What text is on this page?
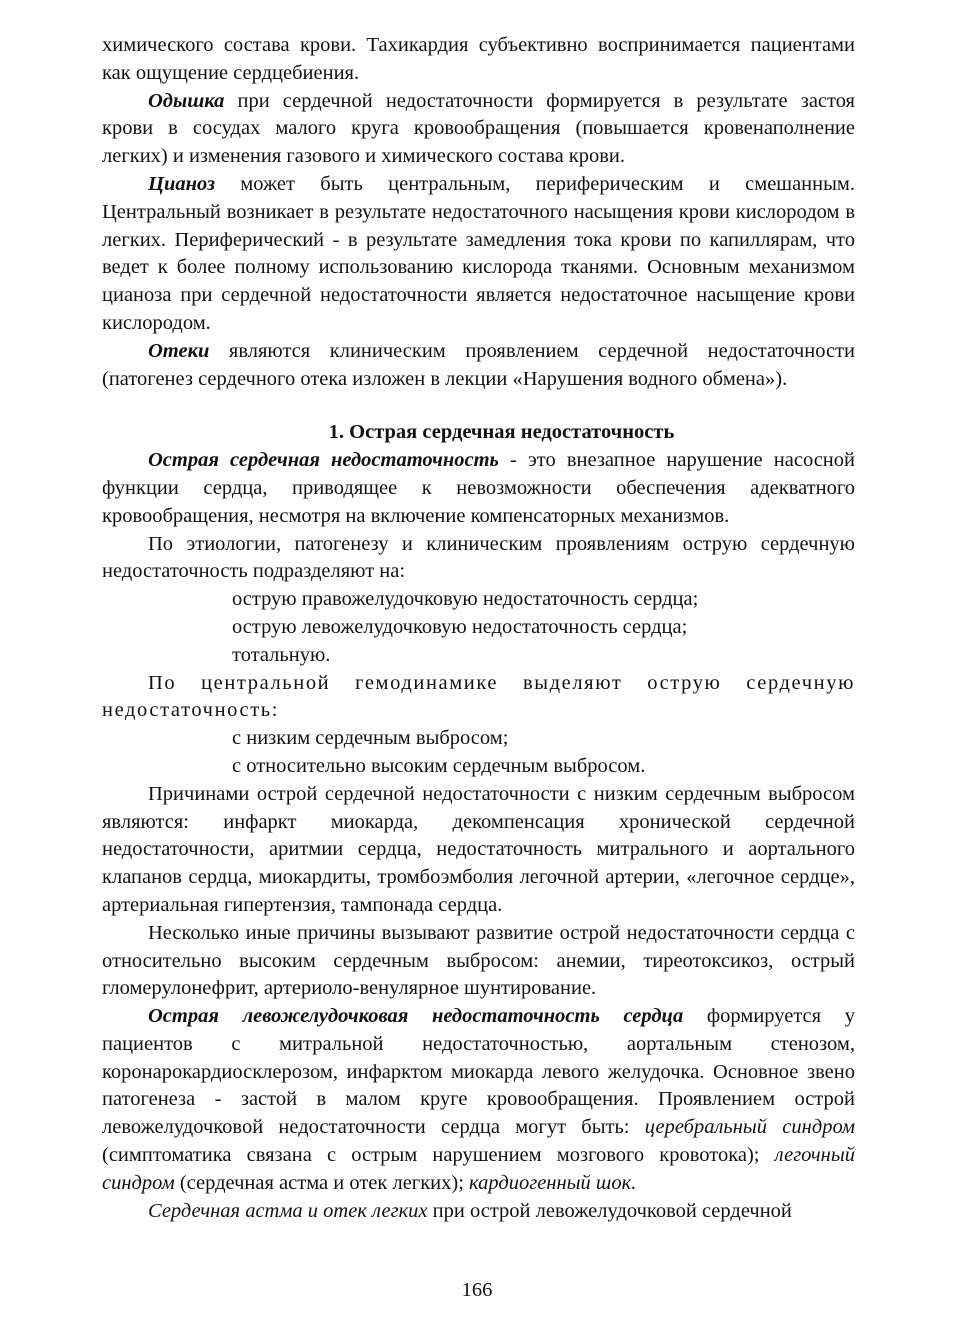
химического состава крови. Тахикардия субъективно воспринимается пациентами как ощущение сердцебиения.

Одышка при сердечной недостаточности формируется в результате застоя крови в сосудах малого круга кровообращения (повышается кровенаполнение легких) и изменения газового и химического состава крови.

Цианоз может быть центральным, периферическим и смешанным. Центральный возникает в результате недостаточного насыщения крови кислородом в легких. Периферический - в результате замедления тока крови по капиллярам, что ведет к более полному использованию кислорода тканями. Основным механизмом цианоза при сердечной недостаточности является недостаточное насыщение крови кислородом.

Отеки являются клиническим проявлением сердечной недостаточности (патогенез сердечного отека изложен в лекции «Нарушения водного обмена»).

1. Острая сердечная недостаточность

Острая сердечная недостаточность - это внезапное нарушение насосной функции сердца, приводящее к невозможности обеспечения адекватного кровообращения, несмотря на включение компенсаторных механизмов.

По этиологии, патогенезу и клиническим проявлениям острую сердечную недостаточность подразделяют на:

острую правожелудочковую недостаточность сердца;
острую левожелудочковую недостаточность сердца;
тотальную.

По центральной гемодинамике выделяют острую сердечную недостаточность:

с низким сердечным выбросом;
с относительно высоким сердечным выбросом.

Причинами острой сердечной недостаточности с низким сердечным выбросом являются: инфаркт миокарда, декомпенсация хронической сердечной недостаточности, аритмии сердца, недостаточность митрального и аортального клапанов сердца, миокардиты, тромбоэмболия легочной артерии, «легочное сердце», артериальная гипертензия, тампонада сердца.

Несколько иные причины вызывают развитие острой недостаточности сердца с относительно высоким сердечным выбросом: анемии, тиреотоксикоз, острый гломерулонефрит, артериоло-венулярное шунтирование.

Острая левожелудочковая недостаточность сердца формируется у пациентов с митральной недостаточностью, аортальным стенозом, коронарокардиосклерозом, инфарктом миокарда левого желудочка. Основное звено патогенеза - застой в малом круге кровообращения. Проявлением острой левожелудочковой недостаточности сердца могут быть: церебральный синдром (симптоматика связана с острым нарушением мозгового кровотока); легочный синдром (сердечная астма и отек легких); кардиогенный шок.

Сердечная астма и отек легких при острой левожелудочковой сердечной

166
